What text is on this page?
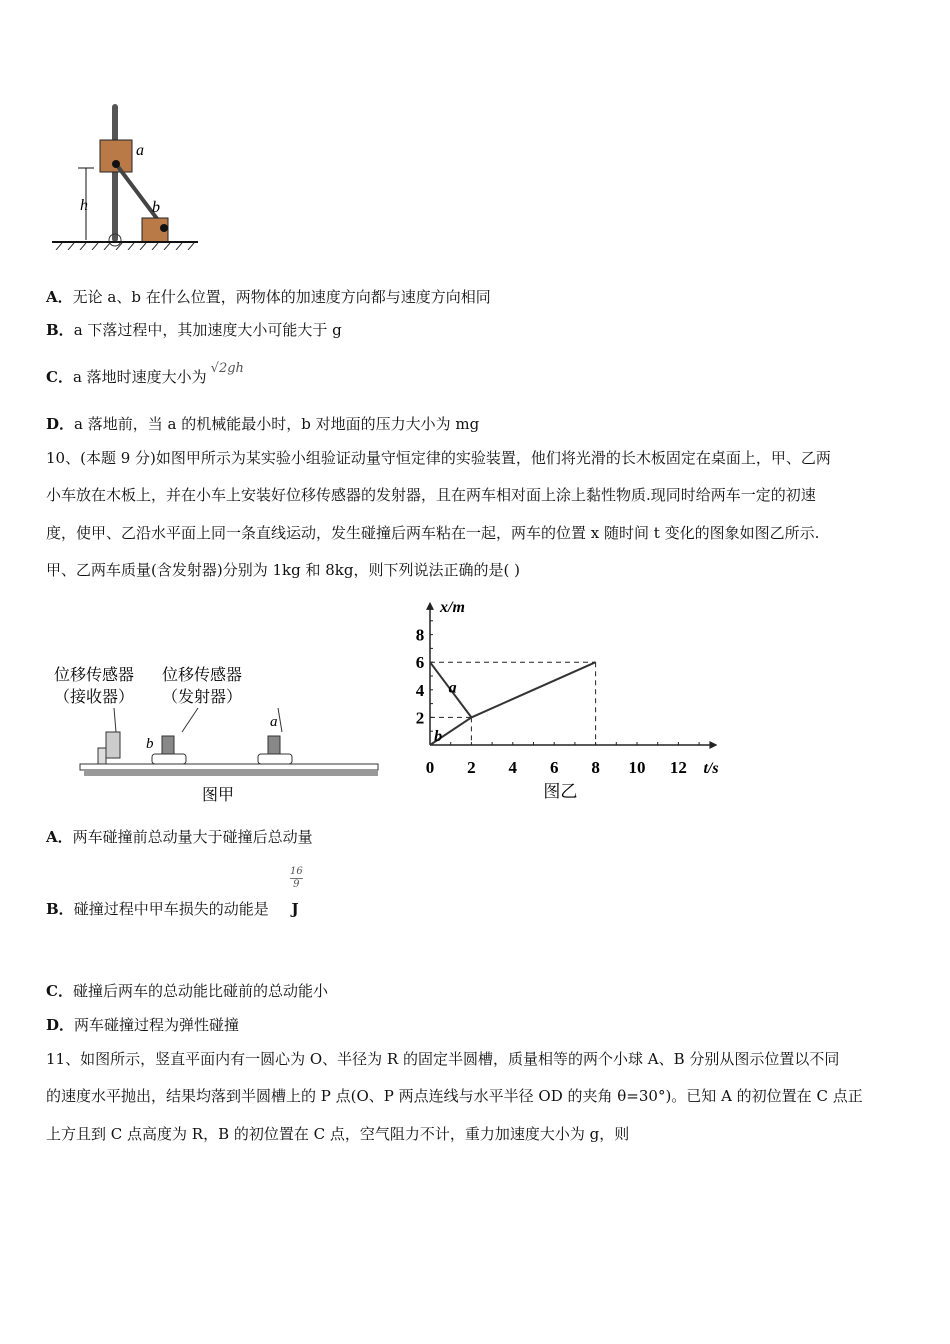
a
b
h
A．无论 a、b 在什么位置，两物体的加速度方向都与速度方向相同
B．a 下落过程中，其加速度大小可能大于 g
C．a 落地时速度大小为 √2gh
D．a 落地前，当 a 的机械能最小时，b 对地面的压力大小为 mg
10、(本题 9 分)如图甲所示为某实验小组验证动量守恒定律的实验装置，他们将光滑的长木板固定在桌面上，甲、乙两
小车放在木板上，并在小车上安装好位移传感器的发射器，且在两车相对面上涂上黏性物质.现同时给两车一定的初速
度，使甲、乙沿水平面上同一条直线运动，发生碰撞后两车粘在一起，两车的位置 x 随时间 t 变化的图象如图乙所示.
甲、乙两车质量(含发射器)分别为 1kg 和 8kg，则下列说法正确的是( )
位移传感器
（接收器）
位移传感器
（发射器）
b
a
图甲
0 2 4 6 8 10 12
2
4
6
8
t/s
x/m
a
b
图乙
A．两车碰撞前总动量大于碰撞后总动量
B．碰撞过程中甲车损失的动能是
$\frac{16}{9}$
J
C．碰撞后两车的总动能比碰前的总动能小
D．两车碰撞过程为弹性碰撞
11、如图所示，竖直平面内有一圆心为 O、半径为 R 的固定半圆槽，质量相等的两个小球 A、B 分别从图示位置以不同
的速度水平抛出，结果均落到半圆槽上的 P 点(O、P 两点连线与水平半径 OD 的夹角 θ=30°)。已知 A 的初位置在 C 点正
上方且到 C 点高度为 R，B 的初位置在 C 点，空气阻力不计，重力加速度大小为 g，则
